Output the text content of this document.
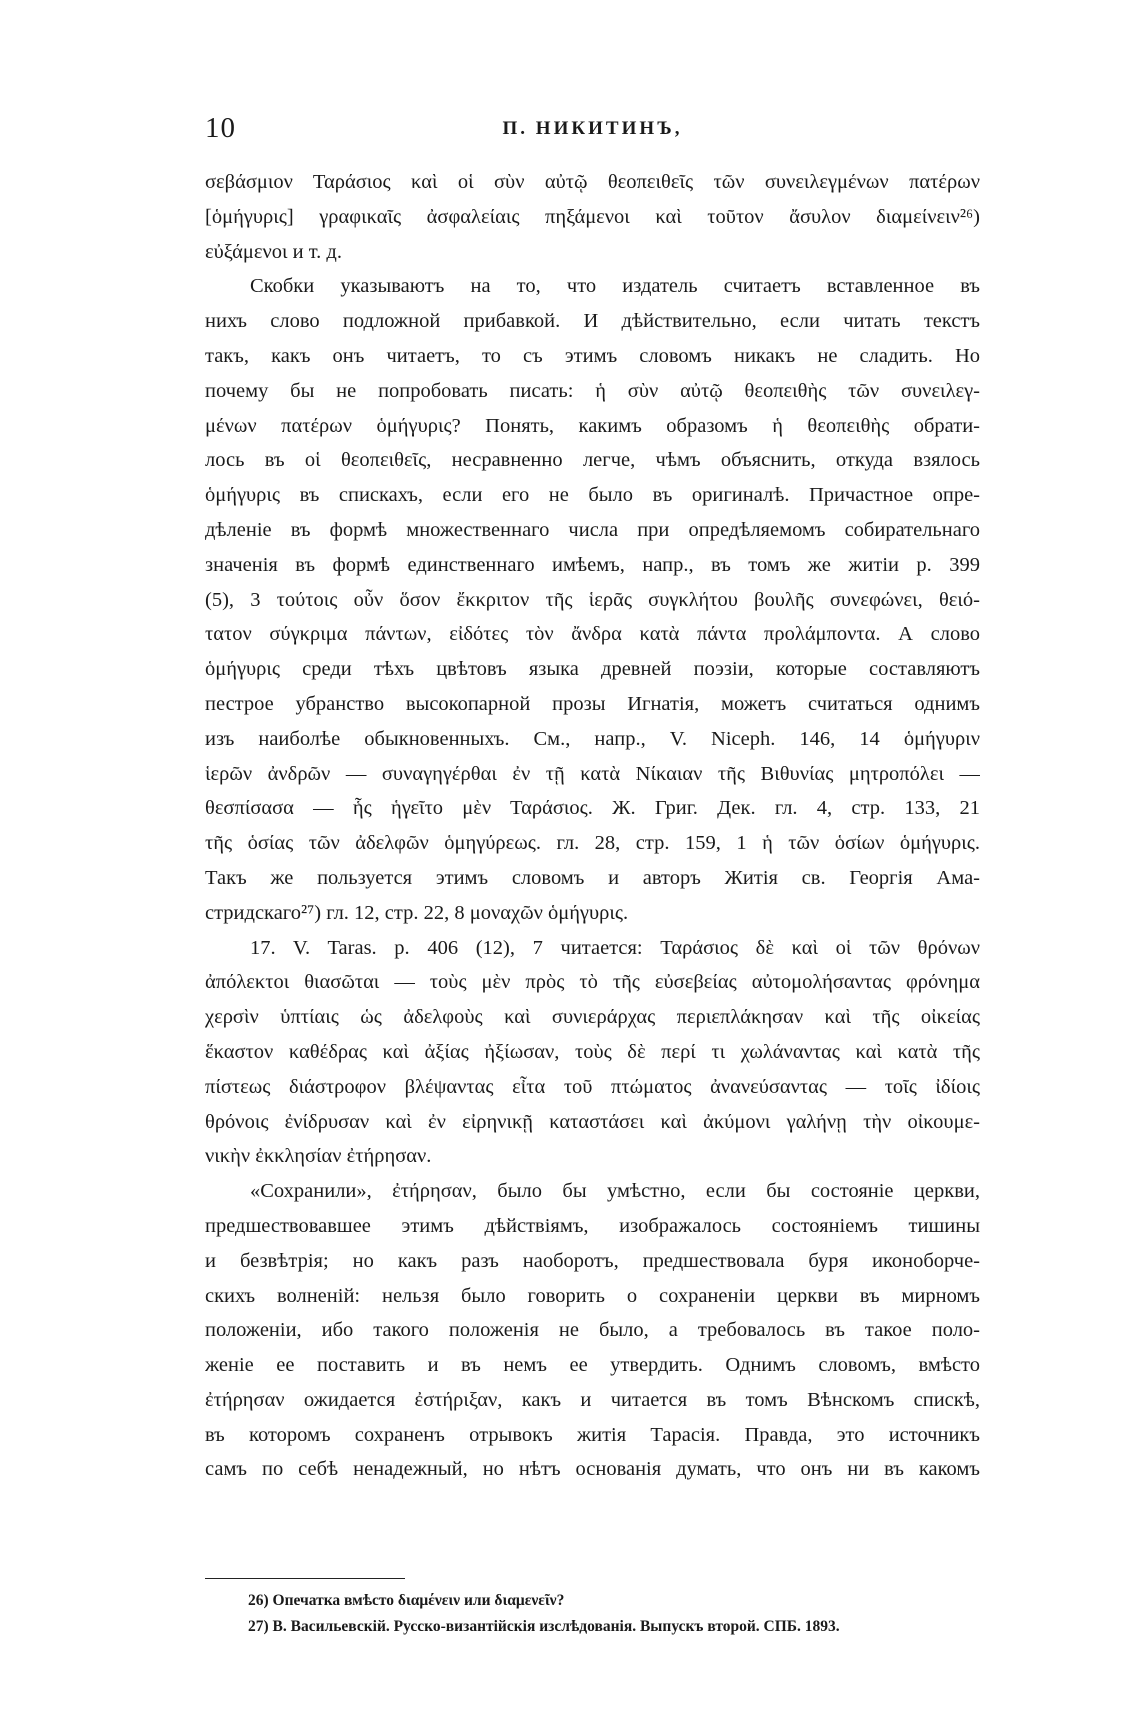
10	П. НИКИТИНЪ,
σεβάσμιον Ταράσιος καὶ οἱ σὺν αὐτῷ θεοπειθεῖς τῶν συνειλεγμένων πατέρων
[ὁμήγυρις] γραφικαῖς ἀσφαλείαις πηξάμενοι καὶ τοῦτον ἄσυλον διαμείνειν²⁶)
εὐξάμενοι и т. д.
Скобки указываютъ на то, что издатель считаетъ вставленное въ
нихъ слово подложной прибавкой. И дѣйствительно, если читать текстъ
такъ, какъ онъ читаетъ, то съ этимъ словомъ никакъ не сладить. Но
почему бы не попробовать писать: ἡ σὺν αὐτῷ θεοπειθὴς τῶν συνειλεγ-
μένων πατέρων ὁμήγυρις? Понять, какимъ образомъ ἡ θεοπειθὴς обрати-
лось въ οἱ θεοπειθεῖς, несравненно легче, чѣмъ объяснить, откуда взялось
ὁμήγυρις въ спискахъ, если его не было въ оригиналѣ. Причастное опре-
дѣленіе въ формѣ множественнаго числа при опредѣляемомъ собирательнаго
значенія въ формѣ единственнаго имѣемъ, напр., въ томъ же житіи p. 399
(5), 3 τούτοις οὖν ὅσον ἔκκριτον τῆς ἱερᾶς συγκλήτου βουλῆς συνεφώνει, θειό-
τατον σύγκριμα πάντων, εἰδότες τὸν ἄνδρα κατὰ πάντα προλάμποντα. А слово
ὁμήγυρις среди тѣхъ цвѣтовъ языка древней поэзіи, которые составляютъ
пестрое убранство высокопарной прозы Игнатія, можетъ считаться однимъ
изъ наиболѣе обыкновенныхъ. См., напр., V. Niceph. 146, 14 ὁμήγυριν
ἱερῶν ἀνδρῶν — συναγηγέρθαι ἐν τῇ κατὰ Νίκαιαν τῆς Βιθυνίας μητροπόλει —
θεσπίσασα — ἧς ἡγεῖτο μὲν Ταράσιος. Ж. Григ. Дек. гл. 4, стр. 133, 21
τῆς ὁσίας τῶν ἀδελφῶν ὁμηγύρεως. гл. 28, стр. 159, 1 ἡ τῶν ὁσίων ὁμήγυρις.
Такъ же пользуется этимъ словомъ и авторъ Житія св. Георгія Ама-
стридскаго²⁷) гл. 12, стр. 22, 8 μοναχῶν ὁμήγυρις.
17. V. Taras. p. 406 (12), 7 читается: Ταράσιος δὲ καὶ οἱ τῶν θρόνων
ἀπόλεκτοι θιασῶται — τοὺς μὲν πρὸς τὸ τῆς εὐσεβείας αὐτομολήσαντας φρόνημα
χερσὶν ὑπτίαις ὡς ἀδελφοὺς καὶ συνιεράρχας περιεπλάκησαν καὶ τῆς οἰκείας
ἕκαστον καθέδρας καὶ ἀξίας ἠξίωσαν, τοὺς δὲ περί τι χωλάναντας καὶ κατὰ τῆς
πίστεως διάστροφον βλέψαντας εἶτα τοῦ πτώματος ἀνανεύσαντας — τοῖς ἰδίοις
θρόνοις ἐνίδρυσαν καὶ ἐν εἰρηνικῇ καταστάσει καὶ ἀκύμονι γαλήνῃ τὴν οἰκουμε-
νικὴν ἐκκλησίαν ἐτήρησαν.
«Сохранили», ἐτήρησαν, было бы умѣстно, если бы состояніе церкви,
предшествовавшее этимъ дѣйствіямъ, изображалось состояніемъ тишины
и безвѣтрія; но какъ разъ наоборотъ, предшествовала буря иконоборче-
скихъ волненій: нельзя было говорить о сохраненіи церкви въ мирномъ
положеніи, ибо такого положенія не было, а требовалось въ такое поло-
женіе ее поставить и въ немъ ее утвердить. Однимъ словомъ, вмѣсто
ἐτήρησαν ожидается ἐστήριξαν, какъ и читается въ томъ Вѣнскомъ спискѣ,
въ которомъ сохраненъ отрывокъ житія Тарасія. Правда, это источникъ
самъ по себѣ ненадежный, но нѣтъ основанія думать, что онъ ни въ какомъ
26) Опечатка вмѣсто διαμένειν или διαμενεῖν?
27) В. Васильевскій. Русско-византійскія изслѣдованія. Выпускъ второй. СПБ. 1893.
